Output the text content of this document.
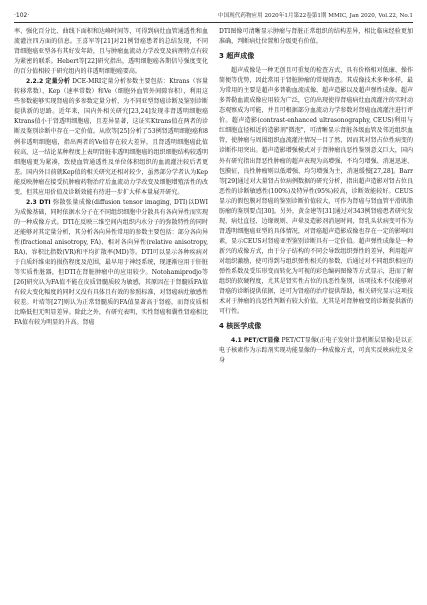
·102·	中国现代药物应用 2020年1月第22卷第1期 MMIC, Jan 2020, Vol.22, No.1

率、强化百分比、曲线下面积和达峰时间等，可得到病灶血管通透性和血流灌注四方面的信息。王喜军等[21]对21例肾癌患者的总结发现，不同肾细胞癌亚型各有其好发年龄，且与肿瘤血流动力学改变及病理特点有较为紧密的联系。Hebert等[22]研究指出，透明细胞癌各期信号强度变化的百分值相较于研究组内的非透明细胞癌要高。

2.2.2 定量分析 DCE-MRI定量分析参数主要包括：Ktrans（容量转移常数）、Kep（速率常数）和Ve（细胞外血管外间隙容积），利用这些参数能够实现肾癌的多参数定量分析，为不同亚型肾癌诊断及鉴别诊断提供新的思路。近年来，国内外相关研究[23,24]发现非肾透明细胞癌Ktrans值小于肾透明细胞癌，且差异显著，这证实Ktrans值在两者的诊断及鉴别诊断中存在一定价值。从欣等[25]分析了53例肾透明细胞癌和8例非透明细胞癌，指出两者的Ve值存在较大差异，且肾透明细胞癌此值较高，这一结论某种程度上表明肾脏非透明细胞癌的组织细胞结构较透明细胞癌更为紧凑，致使血管通透性及单位体积组织的血流灌注较后者更差。国内外目前就Kep值的相关研究还相对较少，虽然部分学者认为Kep能反映肿瘤在接受抗肿瘤药物治疗后血流动力学改变及细胞增殖活性的改变，但其应用价值及诊断效能有待进一步扩大样本量展开研究。

2.3 DTI 弥散张量成像(diffusion tensor imaging, DTI)以DWI为成像基础，同时依据水分子在不同组织细胞中分散具有各向异性而实现的一种成像方式。DTI在反映三维空间内组织内水分子的弥散特性的同时还能够对其定量分析，其分析各向异性常用的参数主要包括：部分各向异性(fractional anisotropy, FA)、相对各向异性(relative anisotropy, RA)、容积比指数(VR)和平均扩散率(MD)等。DTI可以显示各种疾病对于白质纤维束的损伤程度及范围，最早用于神经系统，现逐渐应用于肝脏等实质性脏器，但DTI在肾脏肿瘤中的应用较少。Notohamiprodjo等[26]研究认为FA值不能在皮质肾髓质较为敏感，其原因在于肾髓质FA值有较大变化幅度的同时又没有具体且有效的参照标准，对肾癌病灶敏感性较差。叶靖等[27]则认为正常肾髓质的FA值显著高于肾癌，而肾皮质相比略低但无明显差异。除此之外，有研究表明，实性肾癌和囊性肾癌相比FA值有较为明显的升高。肾癌

DTI图像可清晰显示肿瘤与肾脏正常组织的结构差异，相比临床经验更加准确，判断病灶位置和分级更有价值。

3 超声成像

超声成像是一种无创且可重复的检查方式，具有价格相对低廉、操作简便等优势，因此常用于肾脏肿瘤的常规筛查。其成像技术多种多样，最为常用的主要是超声多普勒血流成像、超声造影以及超声弹性成像。超声多普勒血流成像应用较为广泛，它的出现使得肾癌病灶血流灌注的实时动态观察成为可能，并且可根据部分血流动力学参数对肾癌血流灌注进行评价。超声造影(contrast-enhanced ultrasonography, CEUS)利用与红细胞直径相近的造影剂"微泡"，可清晰显示肾脏各级血管及邻近组织血管，使肿瘤与周围组织血流灌注情况一目了然，因而其对肾占位性病变的诊断作用突出。超声造影增强模式对于肾肿瘤良恶性鉴别意义巨大，国内外有研究指出肾恶性肿瘤的超声表现为高增强、不均匀增强、消退迅速、包膜征，良性肿瘤则以低增强、均匀增强为主，消退缓慢[27,28]。Barr等[29]通过对大量肾占位病例数据的研究分析，指出超声造影对肾占位良恶性的诊断敏感性(100%)及特异性(95%)较高，诊断效能较好。CEUS显示的假包膜对肾癌的鉴别诊断价值较大，可作为肾癌与肾血管平滑肌脂肪瘤的鉴别要点[30]。另外，黄金建等[31]通过对343例肾癌患者研究发现，病灶直径、边缘规则、声晕及造影剂消退时间，肾乳头状病变可作为肾透明细胞癌亚型的具体情况，对肾癌超声造影成像也存在一定的影响因素，显示CEUS对肾癌亚型鉴别诊断具有一定价值。超声弹性成像是一种新兴的成像方式，由于分子结构的不同会导致组织弹性的差异，利用超声对组织激励，使可得到与组织弹性相关的参数，后通过对不同组织相应的弹性系数及受压形变而转化为可视的彩色编码图像等方式显示，进而了解组织的软硬程度，尤其是肾实性占位的良恶性鉴别，该项技术不仅能够对肾癌的诊断提供依据，还可为肾癌的治疗提供帮助，相关研究显示这项技术对于肿瘤的良恶性判断有较大价值，尤其是对肾肿瘤变的诊断提供新的可行性。

4 核医学成像

4.1 PET/CT显像 PET/CT显像(正电子发射计算机断层显像)是以正电子核素作为示踪剂实现功能显像的一种成像方式，可真实反映病灶及全身
